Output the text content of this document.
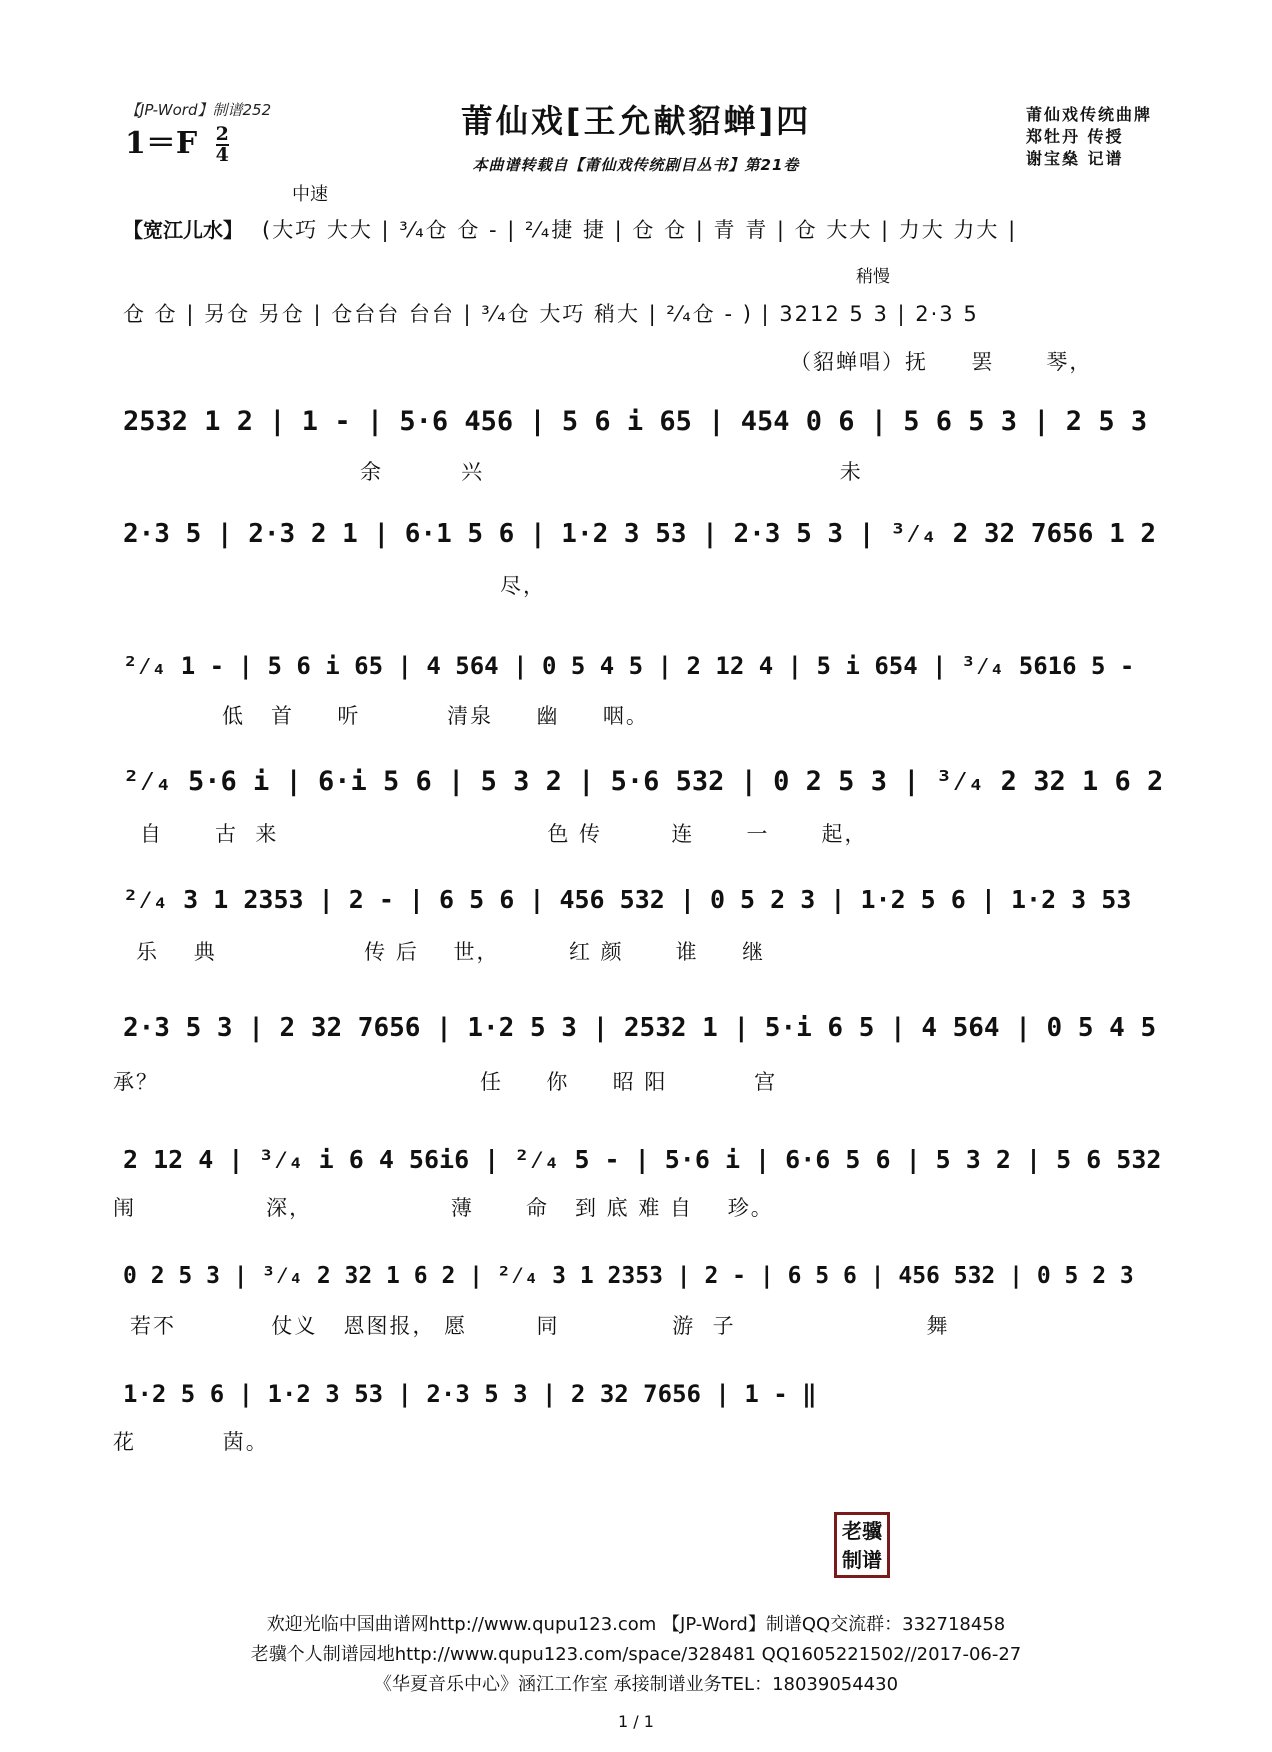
【JP-Word】制谱252
$1=F \frac{2}{4}$
莆仙戏[王允献貂蝉]四
本曲谱转载自【莆仙戏传统剧目丛书】第21卷
莆仙戏传统曲牌
郑牡丹 传授
谢宝燊 记谱
中速
稍慢
【宽江儿水】 (大巧 大大 | ³⁄₄仓 仓 - | ²⁄₄捷 捷 | 仓 仓 | 青 青 | 仓 大大 | 力大 力大 |
仓 仓 | 另仓 另仓 | 仓台台 台台 | ³⁄₄仓 大巧 稍大 | ²⁄₄仓 - ) | 3212 5 3 | 2·3 5
（貂蝉唱）抚     罢      琴，
2532 1 2 | 1 - | 5·6 456 | 5 6 i 65 | 454 0 6 | 5 6 5 3 | 2 5 3
余         兴                                         未
2·3 5 | 2·3 2 1 | 6·1 5 6 | 1·2 3 53 | 2·3 5 3 | ³⁄₄ 2 32 7656 1 2
尽，
²⁄₄ 1 - | 5 6 i 65 | 4 564 | 0 5 4 5 | 2 12 4 | 5 i 654 | ³⁄₄ 5616 5 -
低   首     听          清泉     幽     咽。
²⁄₄ 5·6 i | 6·i 5 6 | 5 3 2 | 5·6 532 | 0 2 5 3 | ³⁄₄ 2 32 1 6 2
自      古  来                               色 传        连      一      起，
²⁄₄ 3 1 2353 | 2 - | 6 5 6 | 456 532 | 0 5 2 3 | 1·2 5 6 | 1·2 3 53
乐    典                 传 后    世，        红 颜      谁     继
2·3 5 3 | 2 32 7656 | 1·2 5 3 | 2532 1 | 5·i 6 5 | 4 564 | 0 5 4 5
承？                                     任     你     昭 阳          宫
2 12 4 | ³⁄₄ i 6 4 56i6 | ²⁄₄ 5 - | 5·6 i | 6·6 5 6 | 5 3 2 | 5 6 532
闱               深，                薄      命   到 底 难 自    珍。
0 2 5 3 | ³⁄₄ 2 32 1 6 2 | ²⁄₄ 3 1 2353 | 2 - | 6 5 6 | 456 532 | 0 5 2 3
若不           仗义   恩图报， 愿        同             游  子                      舞
1·2 5 6 | 1·2 3 53 | 2·3 5 3 | 2 32 7656 | 1 - ‖
花          茵。
老骥
制谱
欢迎光临中国曲谱网http://www.qupu123.com 【JP-Word】制谱QQ交流群：332718458
老骥个人制谱园地http://www.qupu123.com/space/328481 QQ1605221502//2017-06-27
《华夏音乐中心》涵江工作室 承接制谱业务TEL：18039054430
1 / 1
